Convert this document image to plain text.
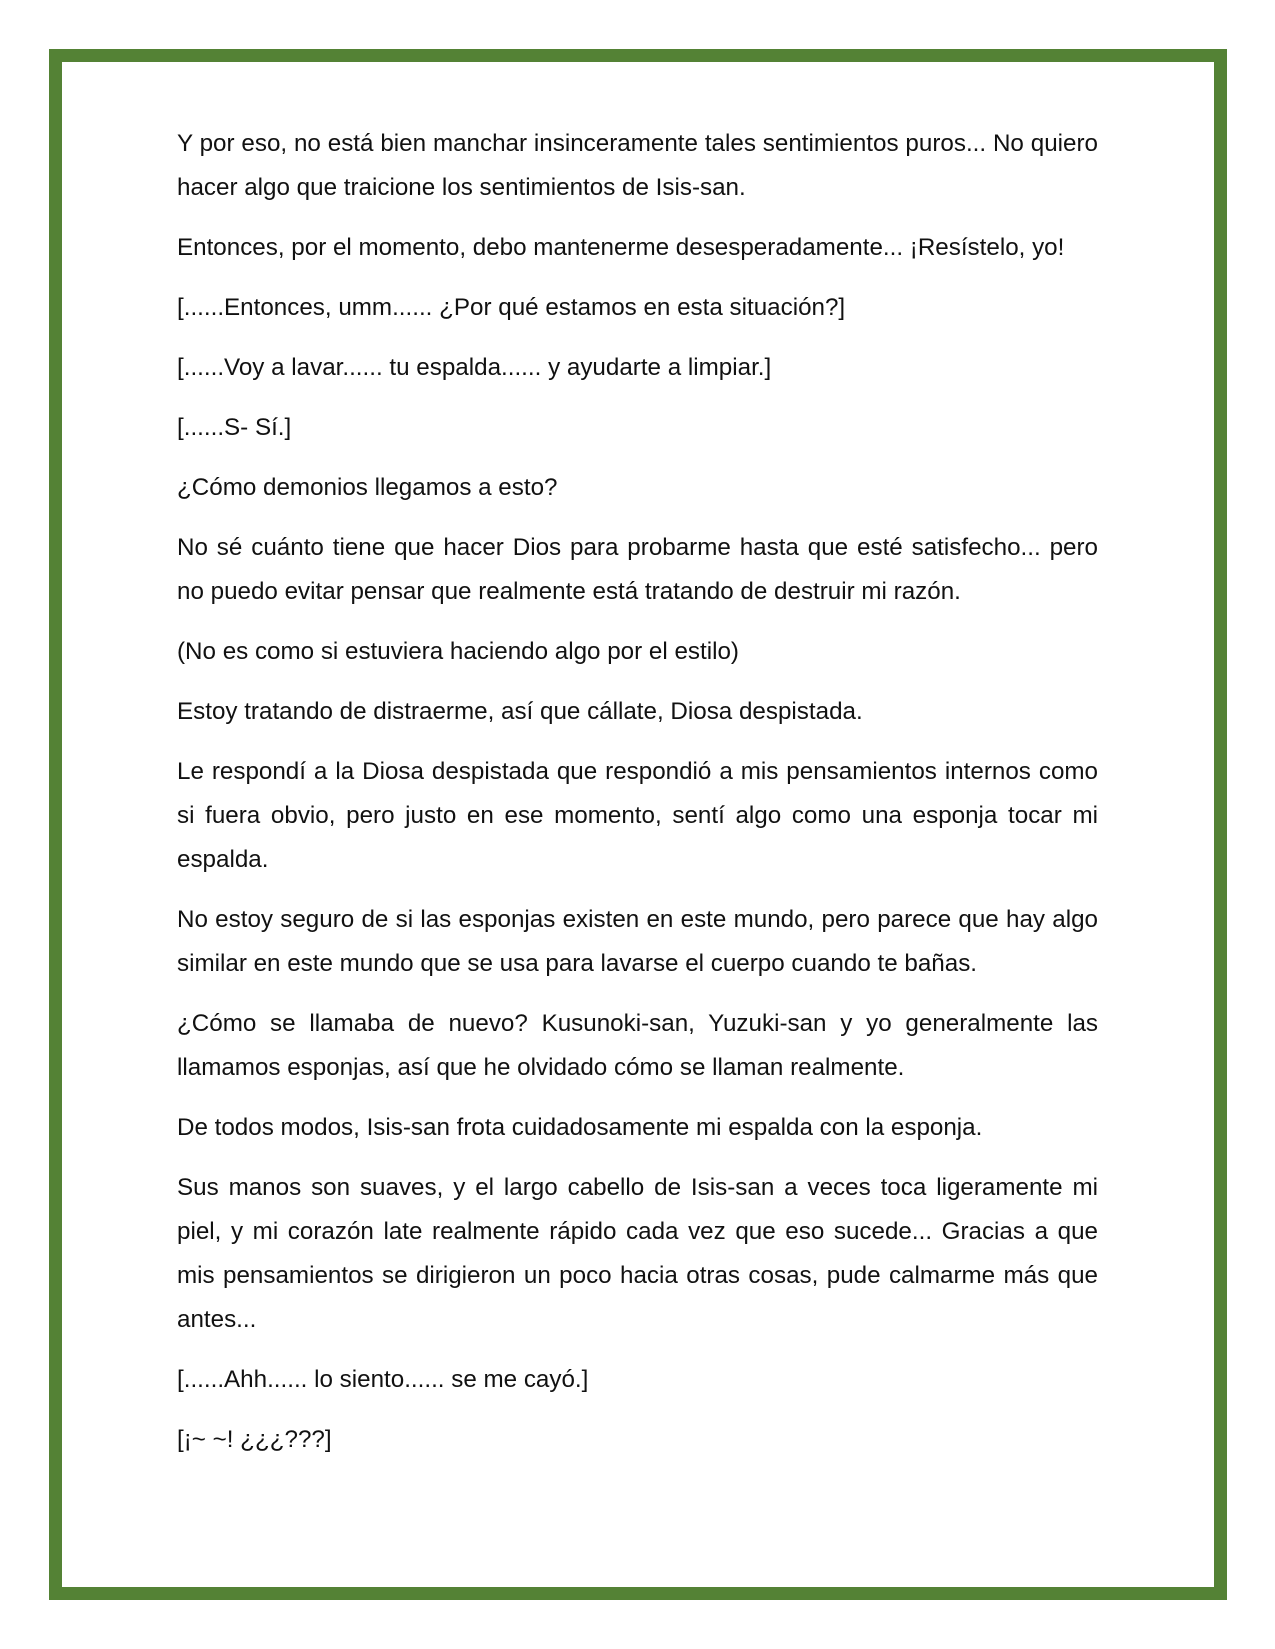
Y por eso, no está bien manchar insinceramente tales sentimientos puros... No quiero hacer algo que traicione los sentimientos de Isis-san.

Entonces, por el momento, debo mantenerme desesperadamente... ¡Resístelo, yo!

[......Entonces, umm...... ¿Por qué estamos en esta situación?]

[......Voy a lavar...... tu espalda...... y ayudarte a limpiar.]

[......S- Sí.]

¿Cómo demonios llegamos a esto?

No sé cuánto tiene que hacer Dios para probarme hasta que esté satisfecho... pero no puedo evitar pensar que realmente está tratando de destruir mi razón.

(No es como si estuviera haciendo algo por el estilo)

Estoy tratando de distraerme, así que cállate, Diosa despistada.

Le respondí a la Diosa despistada que respondió a mis pensamientos internos como si fuera obvio, pero justo en ese momento, sentí algo como una esponja tocar mi espalda.

No estoy seguro de si las esponjas existen en este mundo, pero parece que hay algo similar en este mundo que se usa para lavarse el cuerpo cuando te bañas.

¿Cómo se llamaba de nuevo? Kusunoki-san, Yuzuki-san y yo generalmente las llamamos esponjas, así que he olvidado cómo se llaman realmente.

De todos modos, Isis-san frota cuidadosamente mi espalda con la esponja.

Sus manos son suaves, y el largo cabello de Isis-san a veces toca ligeramente mi piel, y mi corazón late realmente rápido cada vez que eso sucede... Gracias a que mis pensamientos se dirigieron un poco hacia otras cosas, pude calmarme más que antes...

[......Ahh...... lo siento...... se me cayó.]

[¡~ ~! ¿¿¿???]
